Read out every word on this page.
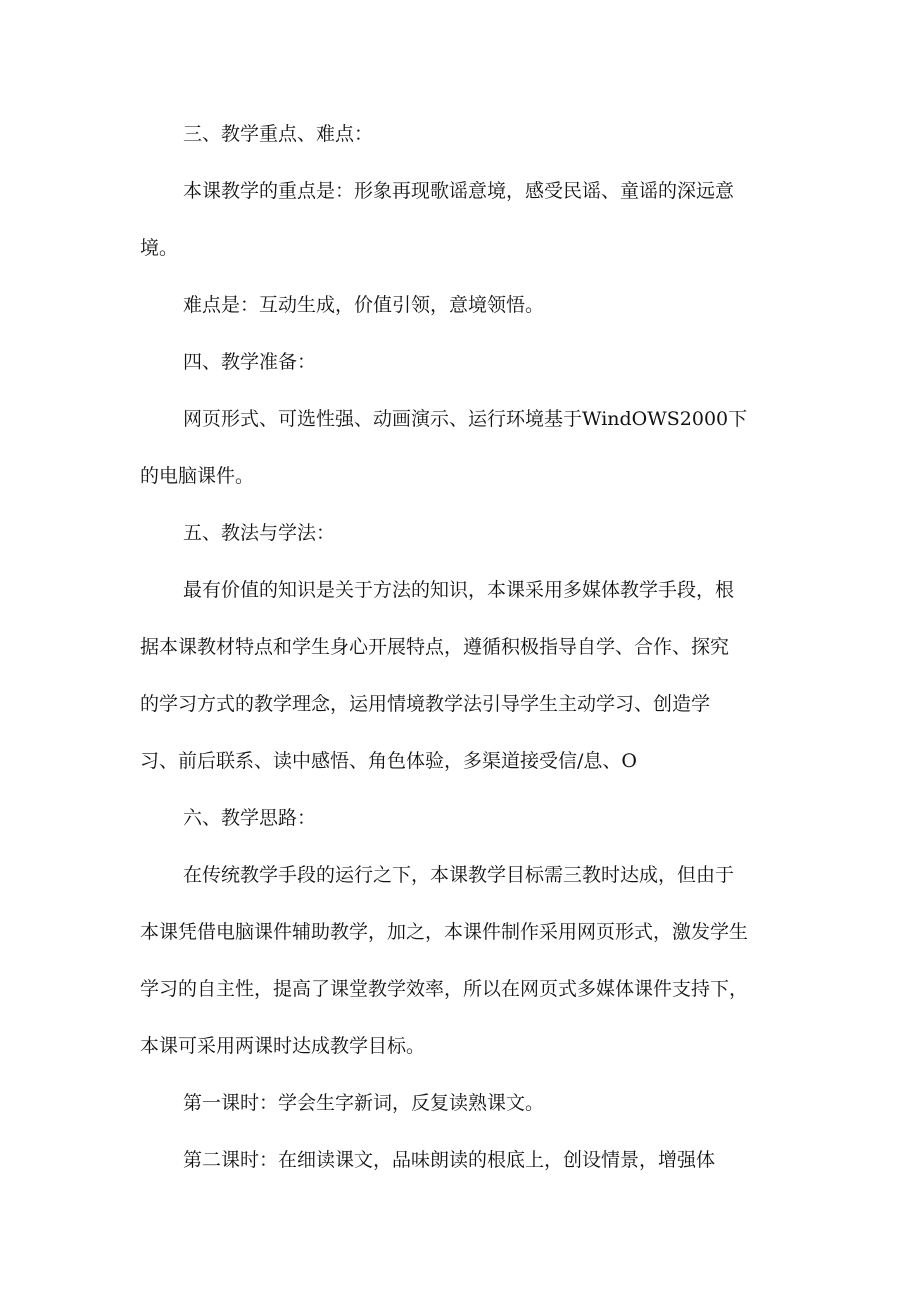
三、教学重点、难点：
本课教学的重点是：形象再现歌谣意境，感受民谣、童谣的深远意
境。
难点是：互动生成，价值引领，意境领悟。
四、教学准备：
网页形式、可选性强、动画演示、运行环境基于WindOWS2000下
的电脑课件。
五、教法与学法：
最有价值的知识是关于方法的知识，本课采用多媒体教学手段，根
据本课教材特点和学生身心开展特点，遵循积极指导自学、合作、探究
的学习方式的教学理念，运用情境教学法引导学生主动学习、创造学
习、前后联系、读中感悟、角色体验，多渠道接受信/息、O
六、教学思路：
在传统教学手段的运行之下，本课教学目标需三教时达成，但由于
本课凭借电脑课件辅助教学，加之，本课件制作采用网页形式，激发学生
学习的自主性，提高了课堂教学效率，所以在网页式多媒体课件支持下，
本课可采用两课时达成教学目标。
第一课时：学会生字新词，反复读熟课文。
第二课时：在细读课文，品味朗读的根底上，创设情景，增强体
